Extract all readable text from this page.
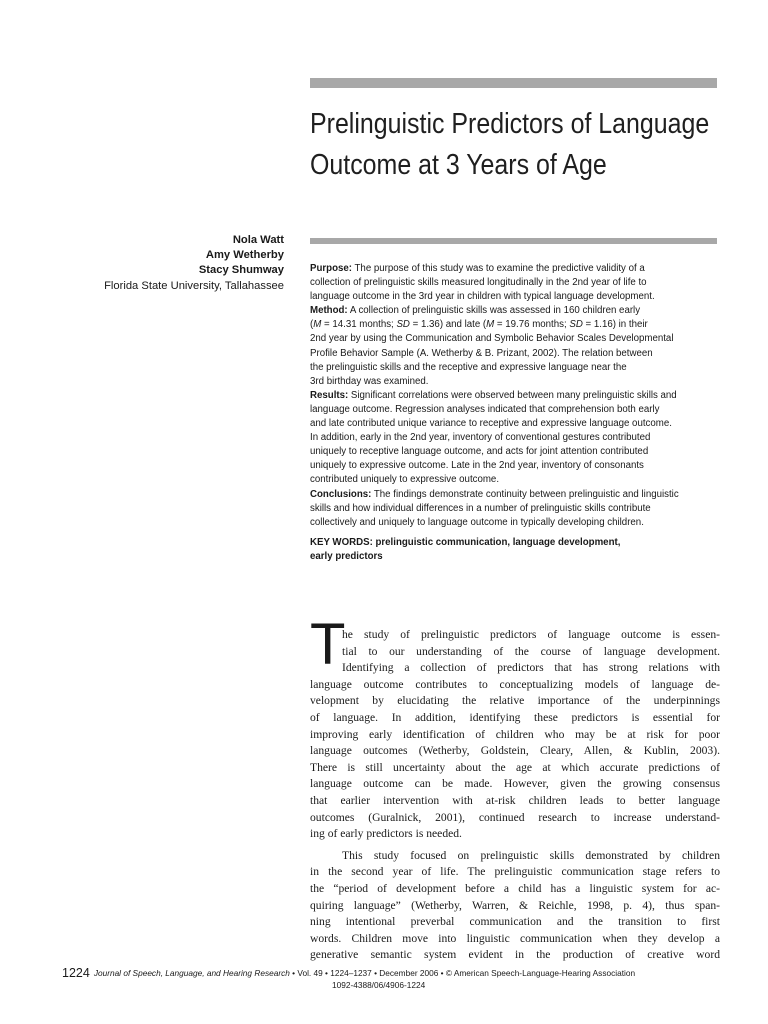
Prelinguistic Predictors of Language
Outcome at 3 Years of Age
Nola Watt
Amy Wetherby
Stacy Shumway
Florida State University, Tallahassee
Purpose: The purpose of this study was to examine the predictive validity of a
collection of prelinguistic skills measured longitudinally in the 2nd year of life to
language outcome in the 3rd year in children with typical language development.
Method: A collection of prelinguistic skills was assessed in 160 children early
(M = 14.31 months; SD = 1.36) and late (M = 19.76 months; SD = 1.16) in their
2nd year by using the Communication and Symbolic Behavior Scales Developmental
Profile Behavior Sample (A. Wetherby & B. Prizant, 2002). The relation between
the prelinguistic skills and the receptive and expressive language near the
3rd birthday was examined.
Results: Significant correlations were observed between many prelinguistic skills and
language outcome. Regression analyses indicated that comprehension both early
and late contributed unique variance to receptive and expressive language outcome.
In addition, early in the 2nd year, inventory of conventional gestures contributed
uniquely to receptive language outcome, and acts for joint attention contributed
uniquely to expressive outcome. Late in the 2nd year, inventory of consonants
contributed uniquely to expressive outcome.
Conclusions: The findings demonstrate continuity between prelinguistic and linguistic
skills and how individual differences in a number of prelinguistic skills contribute
collectively and uniquely to language outcome in typically developing children.
KEY WORDS: prelinguistic communication, language development,
early predictors
T
he study of prelinguistic predictors of language outcome is essen-
tial to our understanding of the course of language development.
Identifying a collection of predictors that has strong relations with
language outcome contributes to conceptualizing models of language de-
velopment by elucidating the relative importance of the underpinnings
of language. In addition, identifying these predictors is essential for
improving early identification of children who may be at risk for poor
language outcomes (Wetherby, Goldstein, Cleary, Allen, & Kublin, 2003).
There is still uncertainty about the age at which accurate predictions of
language outcome can be made. However, given the growing consensus
that earlier intervention with at-risk children leads to better language
outcomes (Guralnick, 2001), continued research to increase understand-
ing of early predictors is needed.
This study focused on prelinguistic skills demonstrated by children
in the second year of life. The prelinguistic communication stage refers to
the “period of development before a child has a linguistic system for ac-
quiring language” (Wetherby, Warren, & Reichle, 1998, p. 4), thus span-
ning intentional preverbal communication and the transition to first
words. Children move into linguistic communication when they develop a
generative semantic system evident in the production of creative word
1224 Journal of Speech, Language, and Hearing Research • Vol. 49 • 1224–1237 • December 2006 • © American Speech-Language-Hearing Association
1092-4388/06/4906-1224
